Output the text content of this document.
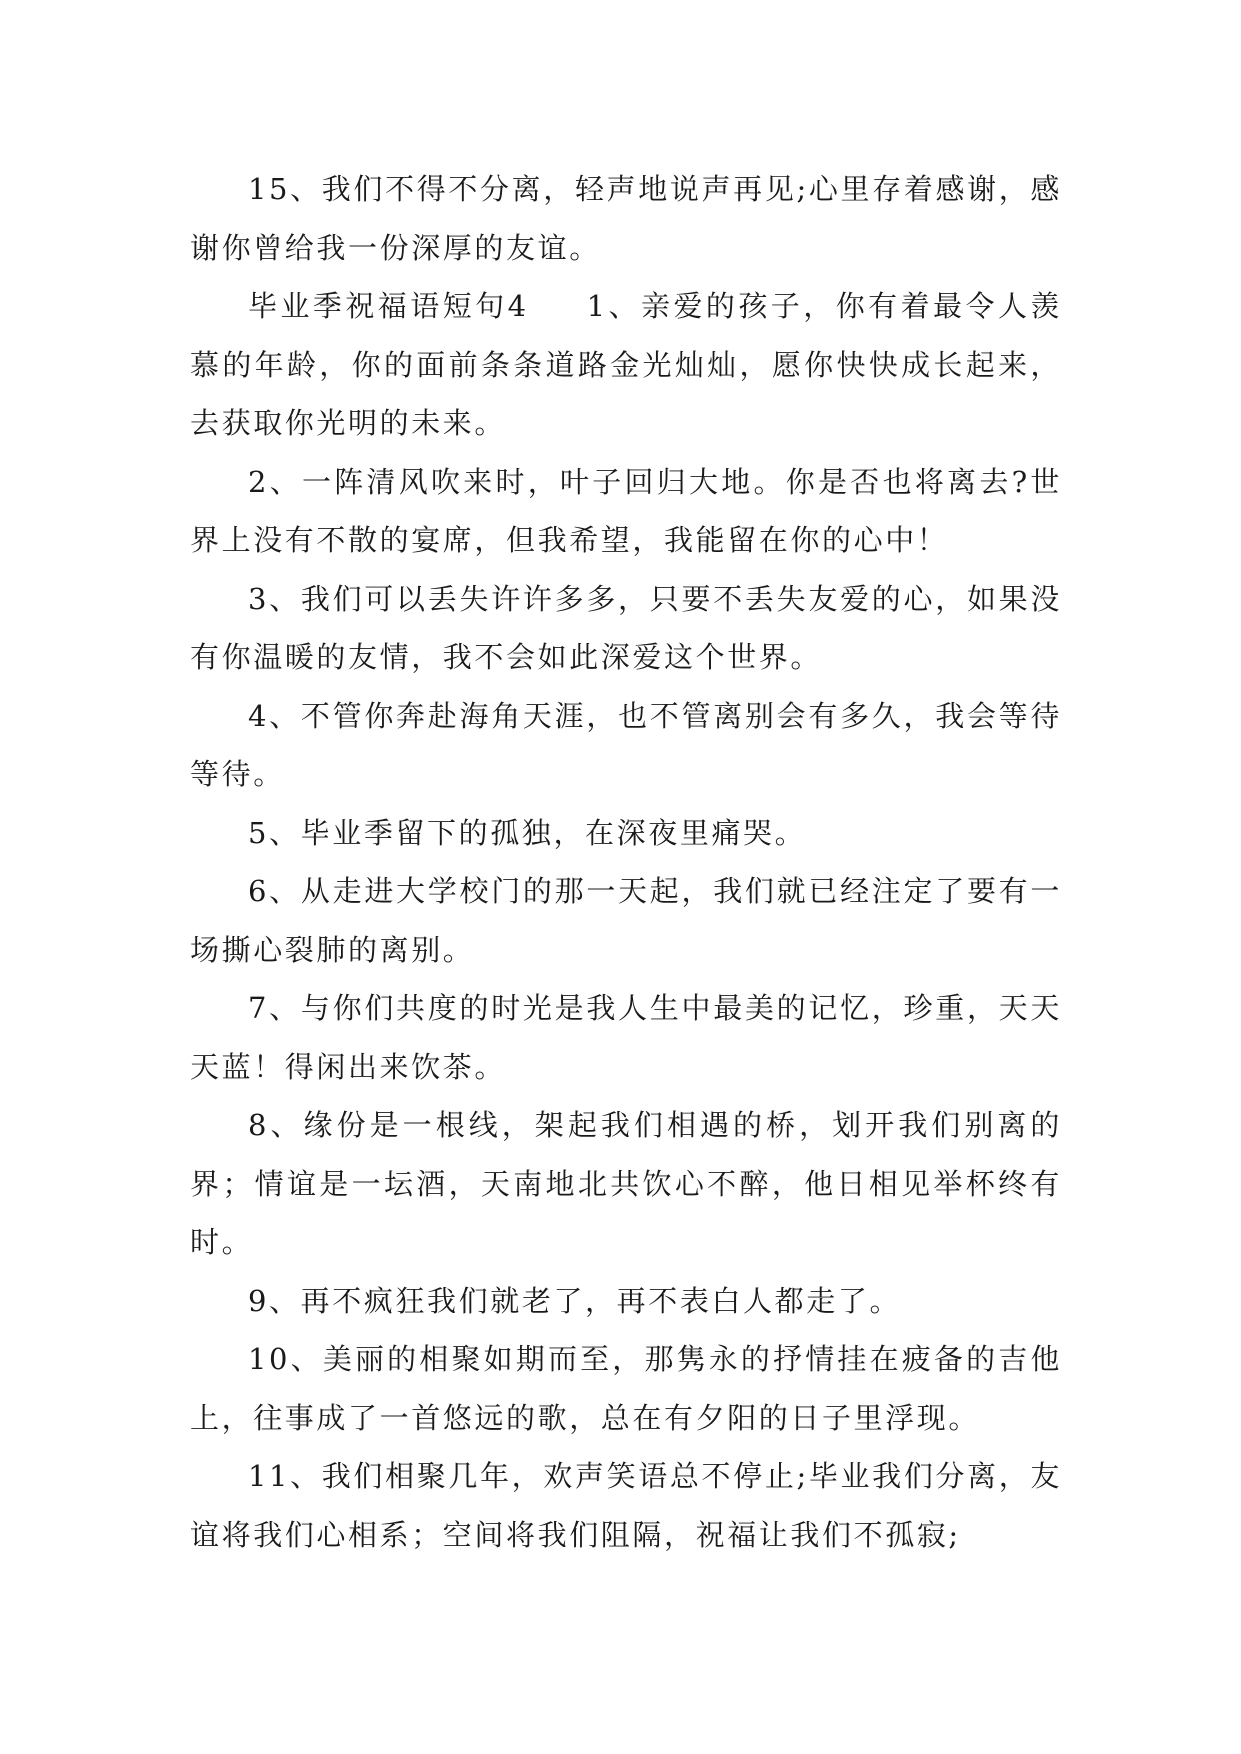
15、我们不得不分离，轻声地说声再见;心里存着感谢，感谢你曾给我一份深厚的友谊。

毕业季祝福语短句4 1、亲爱的孩子，你有着最令人羡慕的年龄，你的面前条条道路金光灿灿，愿你快快成长起来，去获取你光明的未来。

2、一阵清风吹来时，叶子回归大地。你是否也将离去?世界上没有不散的宴席，但我希望，我能留在你的心中！

3、我们可以丢失许许多多，只要不丢失友爱的心，如果没有你温暖的友情，我不会如此深爱这个世界。

4、不管你奔赴海角天涯，也不管离别会有多久，我会等待等待。

5、毕业季留下的孤独，在深夜里痛哭。

6、从走进大学校门的那一天起，我们就已经注定了要有一场撕心裂肺的离别。

7、与你们共度的时光是我人生中最美的记忆，珍重，天天天蓝！得闲出来饮茶。

8、缘份是一根线，架起我们相遇的桥，划开我们别离的界；情谊是一坛酒，天南地北共饮心不醉，他日相见举杯终有时。

9、再不疯狂我们就老了，再不表白人都走了。

10、美丽的相聚如期而至，那隽永的抒情挂在疲备的吉他上，往事成了一首悠远的歌，总在有夕阳的日子里浮现。

11、我们相聚几年，欢声笑语总不停止;毕业我们分离，友谊将我们心相系；空间将我们阻隔，祝福让我们不孤寂;
